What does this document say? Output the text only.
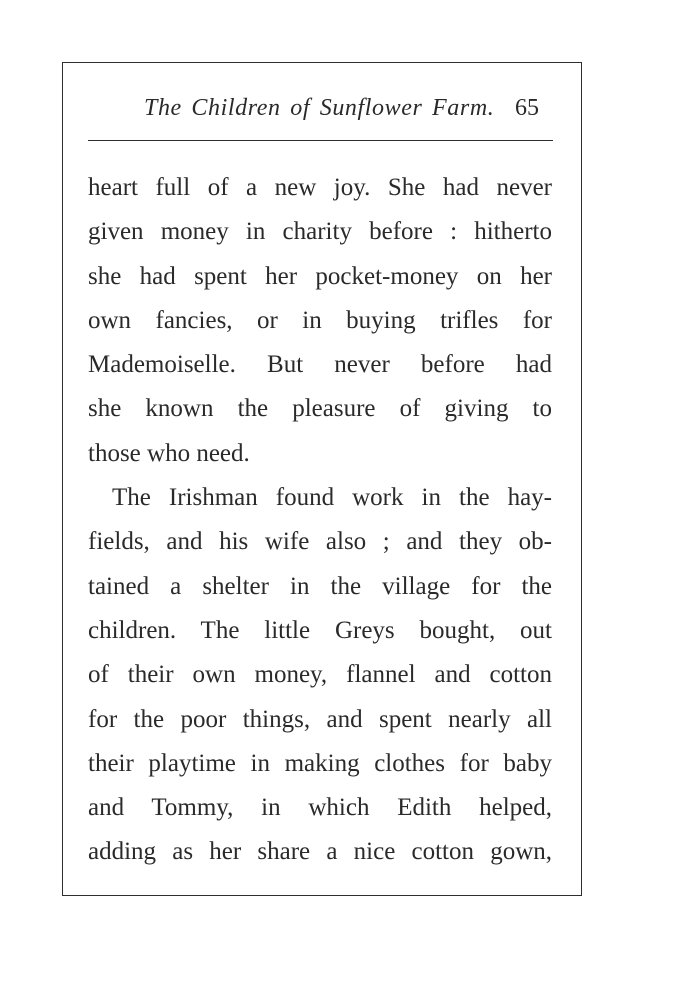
The Children of Sunflower Farm. 65
heart full of a new joy. She had never
given money in charity before : hitherto
she had spent her pocket-money on her
own fancies, or in buying trifles for
Mademoiselle. But never before had
she known the pleasure of giving to
those who need.
The Irishman found work in the hay-
fields, and his wife also ; and they ob-
tained a shelter in the village for the
children. The little Greys bought, out
of their own money, flannel and cotton
for the poor things, and spent nearly all
their playtime in making clothes for baby
and Tommy, in which Edith helped,
adding as her share a nice cotton gown,
